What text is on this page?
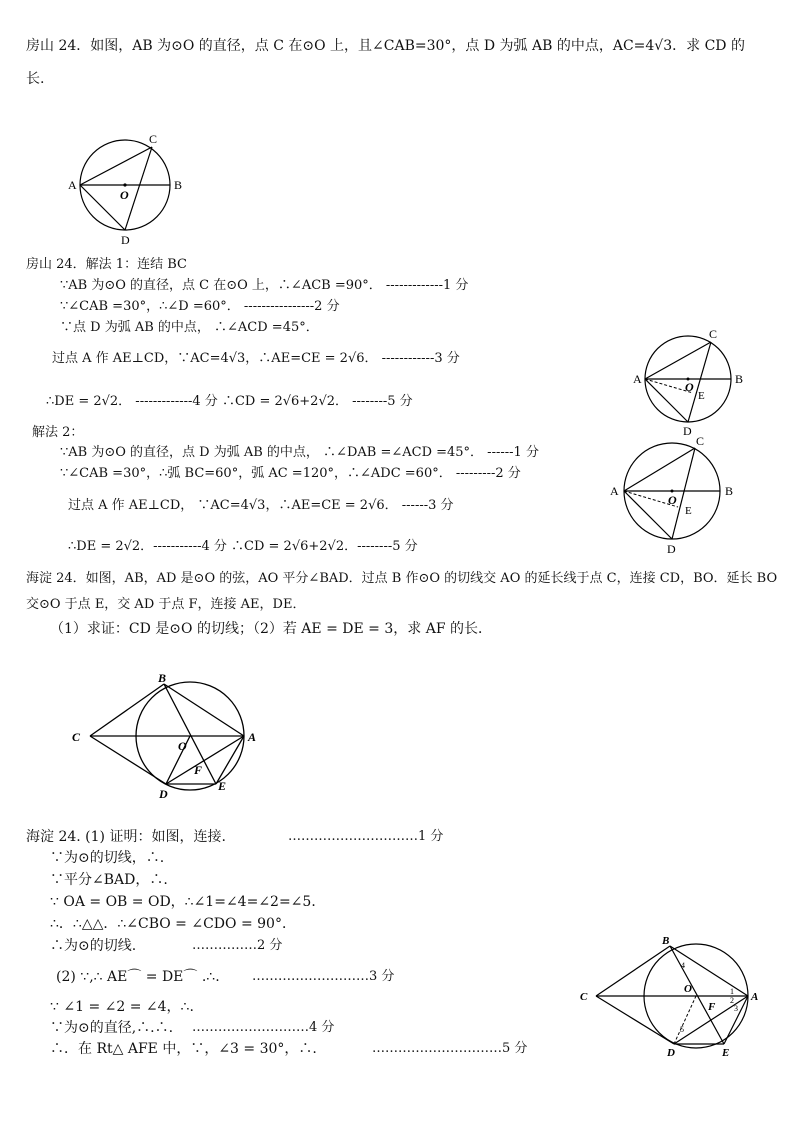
房山 24．如图，AB 为⊙O 的直径，点 C 在⊙O 上，且∠CAB=30°，点 D 为弧 AB 的中点，AC=4√3．求 CD 的
长.
A	B
C
D
O
房山 24．解法 1：连结 BC
∵AB 为⊙O 的直径，点 C 在⊙O 上，∴∠ACB =90°． -------------1 分
∵∠CAB =30°，∴∠D =60°． ----------------2 分
∵点 D 为弧 AB 的中点， ∴∠ACD =45°．
过点 A 作 AE⊥CD，∵AC=4√3，∴AE=CE = 2√6． ------------3 分
∴DE = 2√2． -------------4 分 ∴CD = 2√6+2√2． --------5 分
A	B
C
D
O
E
解法 2：
∵AB 为⊙O 的直径，点 D 为弧 AB 的中点， ∴∠DAB =∠ACD =45°． ------1 分
∵∠CAB =30°，∴弧 BC=60°，弧 AC =120°，∴∠ADC =60°． ---------2 分
过点 A 作 AE⊥CD， ∵AC=4√3，∴AE=CE = 2√6． ------3 分
∴DE = 2√2．-----------4 分 ∴CD = 2√6+2√2．--------5 分
A	B
C
D
O
E
海淀 24．如图，AB，AD 是⊙O 的弦，AO 平分∠BAD．过点 B 作⊙O 的切线交 AO 的延长线于点 C，连接 CD，BO．延长 BO
交⊙O 于点 E，交 AD 于点 F，连接 AE，DE．
（1）求证：CD 是⊙O 的切线；（2）若 AE = DE = 3，求 AF 的长．
B
C	A
O
F
D
E
海淀 24. (1) 证明：如图，连接.	…………………………1 分
∵为⊙的切线，∴.
∵平分∠BAD，∴.
∵ OA = OB = OD，∴∠1=∠4=∠2=∠5．
∴．∴△△．∴∠CBO = ∠CDO = 90°．
∴为⊙的切线.	……………2 分
(2) ∵,∴ AE⌒ = DE⌒ .∴. ………………………3 分
∵ ∠1 = ∠2 = ∠4，∴.
∵为⊙的直径,∴.∴. ………………………4 分
∴．在 Rt△ AFE 中，∵，∠3 = 30°，∴.	…………………………5 分
B
C	A
O
F
D	E
1
2
3
4
5
